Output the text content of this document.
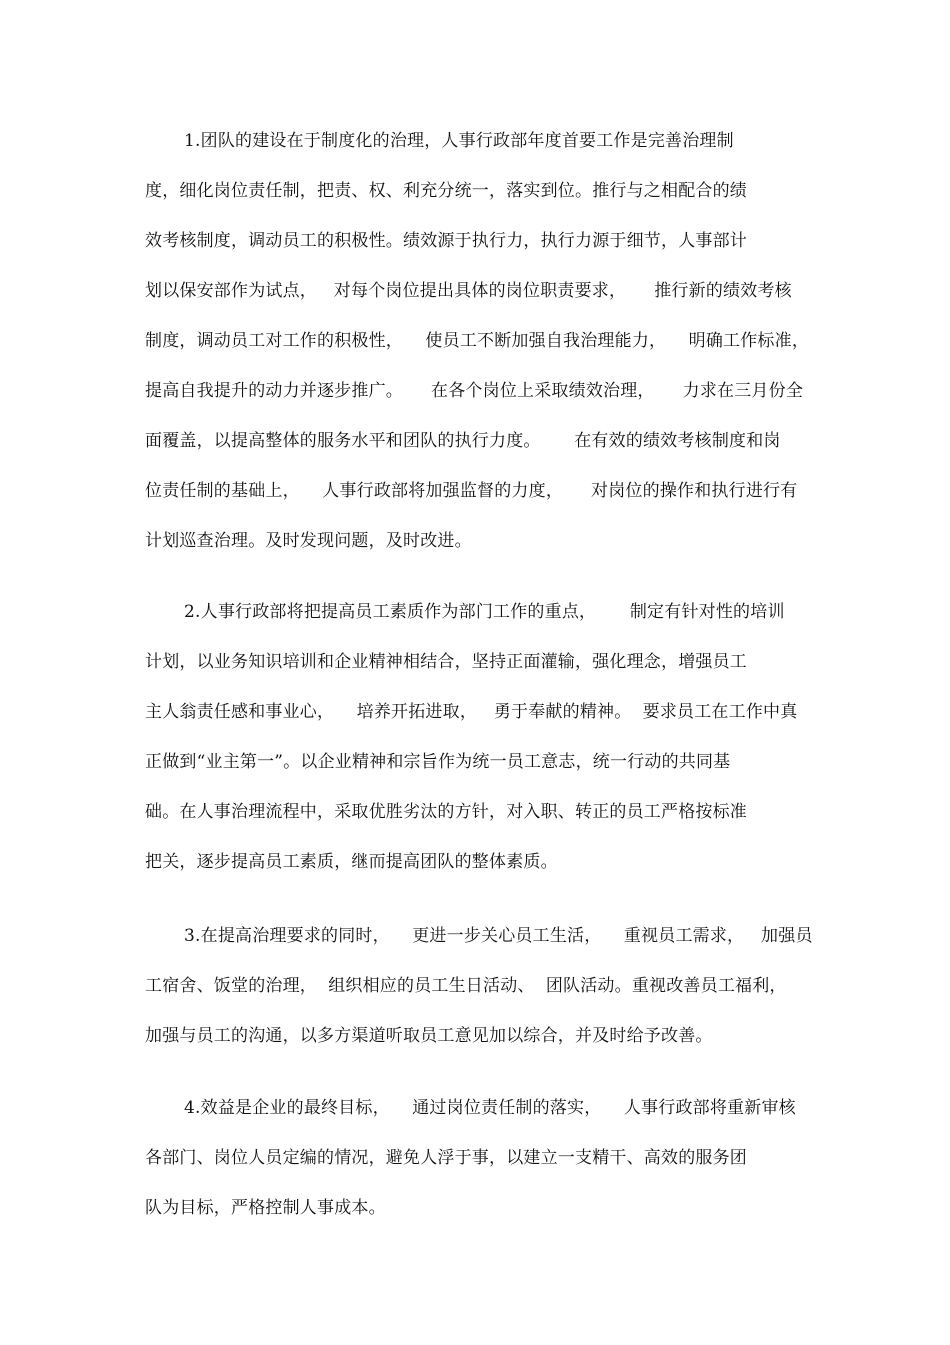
1.团队的建设在于制度化的治理，人事行政部年度首要工作是完善治理制
度，细化岗位责任制，把责、权、利充分统一，落实到位。推行与之相配合的绩
效考核制度，调动员工的积极性。绩效源于执行力，执行力源于细节，人事部计
划以保安部作为试点，   对每个岗位提出具体的岗位职责要求，     推行新的绩效考核
制度，调动员工对工作的积极性，    使员工不断加强自我治理能力，    明确工作标准，
提高自我提升的动力并逐步推广。     在各个岗位上采取绩效治理，     力求在三月份全
面覆盖，以提高整体的服务水平和团队的执行力度。      在有效的绩效考核制度和岗
位责任制的基础上，    人事行政部将加强监督的力度，     对岗位的操作和执行进行有
计划巡查治理。及时发现问题，及时改进。
2.人事行政部将把提高员工素质作为部门工作的重点，      制定有针对性的培训
计划，以业务知识培训和企业精神相结合，坚持正面灌输，强化理念，增强员工
主人翁责任感和事业心，    培养开拓进取，   勇于奉献的精神。  要求员工在工作中真
正做到“业主第一”。以企业精神和宗旨作为统一员工意志，统一行动的共同基
础。在人事治理流程中，采取优胜劣汰的方针，对入职、转正的员工严格按标准
把关，逐步提高员工素质，继而提高团队的整体素质。
3.在提高治理要求的同时，    更进一步关心员工生活，    重视员工需求，   加强员
工宿舍、饭堂的治理，  组织相应的员工生日活动、  团队活动。重视改善员工福利，
加强与员工的沟通，以多方渠道听取员工意见加以综合，并及时给予改善。
4.效益是企业的最终目标，    通过岗位责任制的落实，    人事行政部将重新审核
各部门、岗位人员定编的情况，避免人浮于事，以建立一支精干、高效的服务团
队为目标，严格控制人事成本。
